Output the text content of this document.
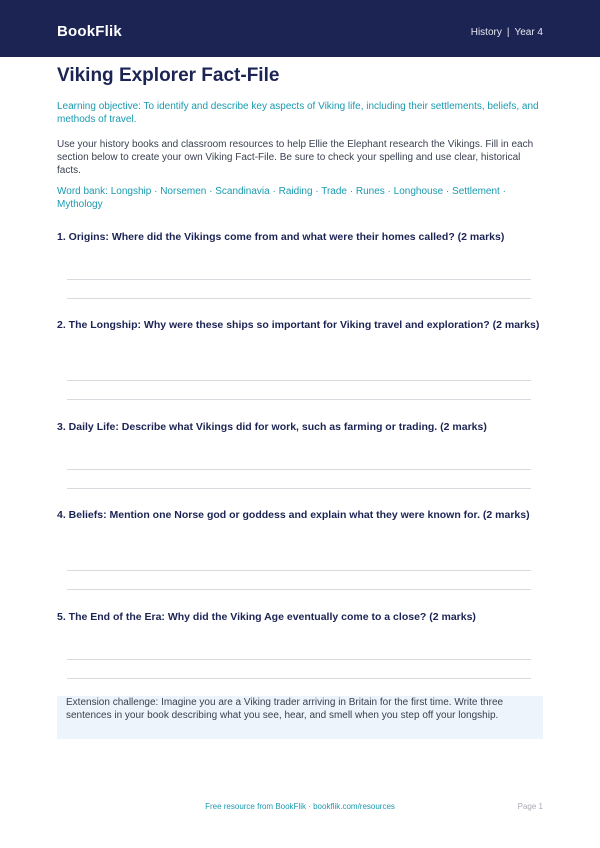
BookFlik	History | Year 4
Viking Explorer Fact-File

Learning objective: To identify and describe key aspects of Viking life, including their settlements, beliefs, and methods of travel.

Use your history books and classroom resources to help Ellie the Elephant research the Vikings. Fill in each section below to create your own Viking Fact-File. Be sure to check your spelling and use clear, historical facts.

Word bank: Longship · Norsemen · Scandinavia · Raiding · Trade · Runes · Longhouse · Settlement · Mythology

1. Origins: Where did the Vikings come from and what were their homes called? (2 marks)

2. The Longship: Why were these ships so important for Viking travel and exploration? (2 marks)

3. Daily Life: Describe what Vikings did for work, such as farming or trading. (2 marks)

4. Beliefs: Mention one Norse god or goddess and explain what they were known for. (2 marks)

5. The End of the Era: Why did the Viking Age eventually come to a close? (2 marks)

Extension challenge: Imagine you are a Viking trader arriving in Britain for the first time. Write three sentences in your book describing what you see, hear, and smell when you step off your longship.
Free resource from BookFlik · bookflik.com/resources	Page 1
